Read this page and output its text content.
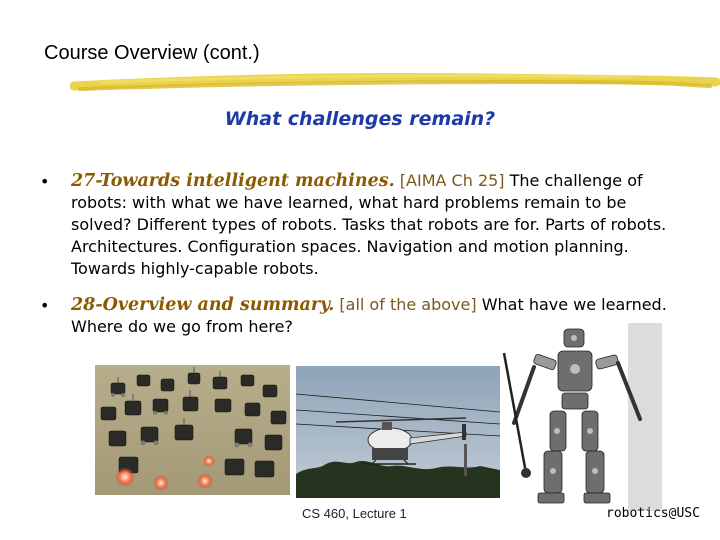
Course Overview (cont.)
What challenges remain?
• 27-Towards intelligent machines. [AIMA Ch 25] The challenge of robots: with what we have learned, what hard problems remain to be solved? Different types of robots. Tasks that robots are for. Parts of robots. Architectures. Configuration spaces. Navigation and motion planning. Towards highly-capable robots.
• 28-Overview and summary. [all of the above] What have we learned. Where do we go from here?
CS 460, Lecture 1	robotics@USC
